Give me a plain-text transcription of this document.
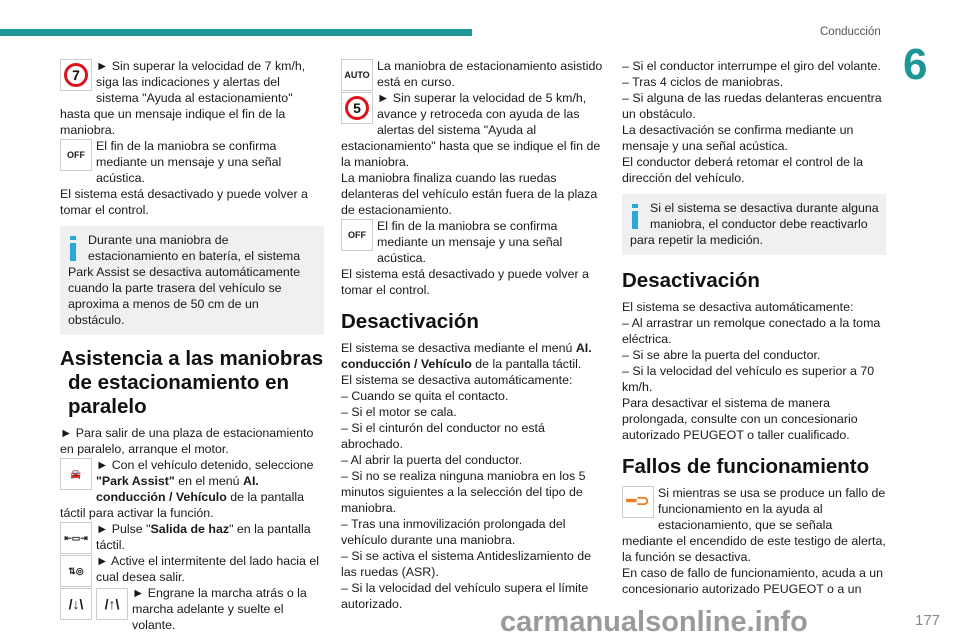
Conducción
6
7

► Sin superar la velocidad de 7 km/h, siga las indicaciones y alertas del sistema "Ayuda al estacionamiento" hasta que un mensaje indique el fin de la maniobra.

OFF

El fin de la maniobra se confirma mediante un mensaje y una señal acústica.

El sistema está desactivado y puede volver a tomar el control.

Durante una maniobra de estacionamiento en batería, el sistema Park Assist se desactiva automáticamente cuando la parte trasera del vehículo se aproxima a menos de 50 cm de un obstáculo.
Asistencia a las maniobras de estacionamiento en paralelo

► Para salir de una plaza de estacionamiento en paralelo, arranque el motor.

🚘

► Con el vehículo detenido, seleccione "Park Assist" en el menú AI. conducción / Vehículo de la pantalla táctil para activar la función.

⇤▭⇥

► Pulse "Salida de haz" en la pantalla táctil.

⇅◎

► Active el intermitente del lado hacia el cual desea salir.

/↓\	/↑\

► Engrane la marcha atrás o la marcha adelante y suelte el volante.

AUTO

La maniobra de estacionamiento asistido está en curso.

5

► Sin superar la velocidad de 5 km/h, avance y retroceda con ayuda de las alertas del sistema "Ayuda al estacionamiento" hasta que se indique el fin de la maniobra.

La maniobra finaliza cuando las ruedas delanteras del vehículo están fuera de la plaza de estacionamiento.

OFF

El fin de la maniobra se confirma mediante un mensaje y una señal acústica.

El sistema está desactivado y puede volver a tomar el control.

Desactivación

El sistema se desactiva mediante el menú AI. conducción / Vehículo de la pantalla táctil.

El sistema se desactiva automáticamente:

– Cuando se quita el contacto.

– Si el motor se cala.

– Si el cinturón del conductor no está abrochado.

– Al abrir la puerta del conductor.

– Si no se realiza ninguna maniobra en los 5 minutos siguientes a la selección del tipo de maniobra.

– Tras una inmovilización prolongada del vehículo durante una maniobra.

– Si se activa el sistema Antideslizamiento de las ruedas (ASR).

– Si la velocidad del vehículo supera el límite autorizado.

– Si el conductor interrumpe el giro del volante.

– Tras 4 ciclos de maniobras.

– Si alguna de las ruedas delanteras encuentra un obstáculo.

La desactivación se confirma mediante un mensaje y una señal acústica.

El conductor deberá retomar el control de la dirección del vehículo.

Si el sistema se desactiva durante alguna maniobra, el conductor debe reactivarlo para repetir la medición.
Desactivación

El sistema se desactiva automáticamente:

– Al arrastrar un remolque conectado a la toma eléctrica.

– Si se abre la puerta del conductor.

– Si la velocidad del vehículo es superior a 70 km/h.

Para desactivar el sistema de manera prolongada, consulte con un concesionario autorizado PEUGEOT o taller cualificado.

Fallos de funcionamiento
━⊃ Si mientras se usa se produce un fallo de funcionamiento en la ayuda al estacionamiento, que se señala mediante el encendido de este testigo de alerta, la función se desactiva.

En caso de fallo de funcionamiento, acuda a un concesionario autorizado PEUGEOT o a un

carmanualsonline.info	177
